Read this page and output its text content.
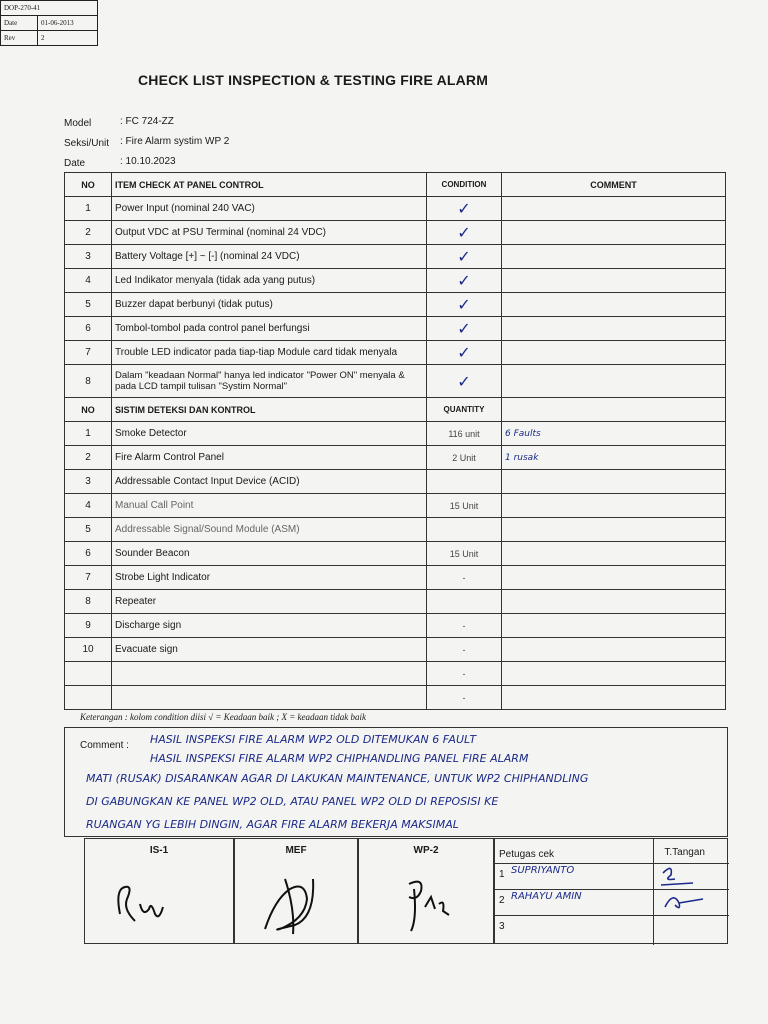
CHECK LIST INSPECTION & TESTING FIRE ALARM
DOP-270-41	
Date	01-06-2013
Rev	2
Model	: FC 724-ZZ
Seksi/Unit : Fire Alarm systim WP 2
Date	: 10.10.2023
NO	ITEM CHECK AT PANEL CONTROL	CONDITION	COMMENT
1	Power Input (nominal 240 VAC)	✓	
2	Output VDC at PSU Terminal (nominal 24 VDC)	✓	
3	Battery Voltage [+] ~ [-] (nominal 24 VDC)	✓	
4	Led Indikator menyala (tidak ada yang putus)	✓	
5	Buzzer dapat berbunyi (tidak putus)	✓	
6	Tombol-tombol pada control panel berfungsi	✓	
7	Trouble LED indicator pada tiap-tiap Module card tidak menyala	✓	
8	Dalam "keadaan Normal" hanya led indicator "Power ON" menyala & pada LCD tampil tulisan "Systim Normal"	✓	
NO	SISTIM DETEKSI DAN KONTROL	QUANTITY	
1	Smoke Detector	116 unit	6 Faults
2	Fire Alarm Control Panel	2 Unit	1 rusak
3	Addressable Contact Input Device (ACID)		
4	Manual Call Point	15 Unit	
5	Addressable Signal/Sound Module (ASM)		
6	Sounder Beacon	15 Unit	
7	Strobe Light Indicator	-	
8	Repeater		
9	Discharge sign	-	
10	Evacuate sign	-	
		-	
		-	
Keterangan : kolom condition diisi √ = Keadaan baik ; X = keadaan tidak baik
Comment : HASIL INSPEKSI FIRE ALARM WP2 OLD DITEMUKAN 6 FAULT
HASIL INSPEKSI FIRE ALARM WP2 CHIPHANDLING PANEL FIRE ALARM
MATI (RUSAK) DISARANKAN AGAR DI LAKUKAN MAINTENANCE, UNTUK WP2 CHIPHANDLING
DI GABUNGKAN KE PANEL WP2 OLD, ATAU PANEL WP2 OLD DI REPOSISI KE
RUANGAN YG LEBIH DINGIN, AGAR FIRE ALARM BEKERJA MAKSIMAL
IS-1	MEF	WP-2	Petugas cek	T.Tangan
1 SUPRIYANTO
2 RAHAYU AMIN
3
